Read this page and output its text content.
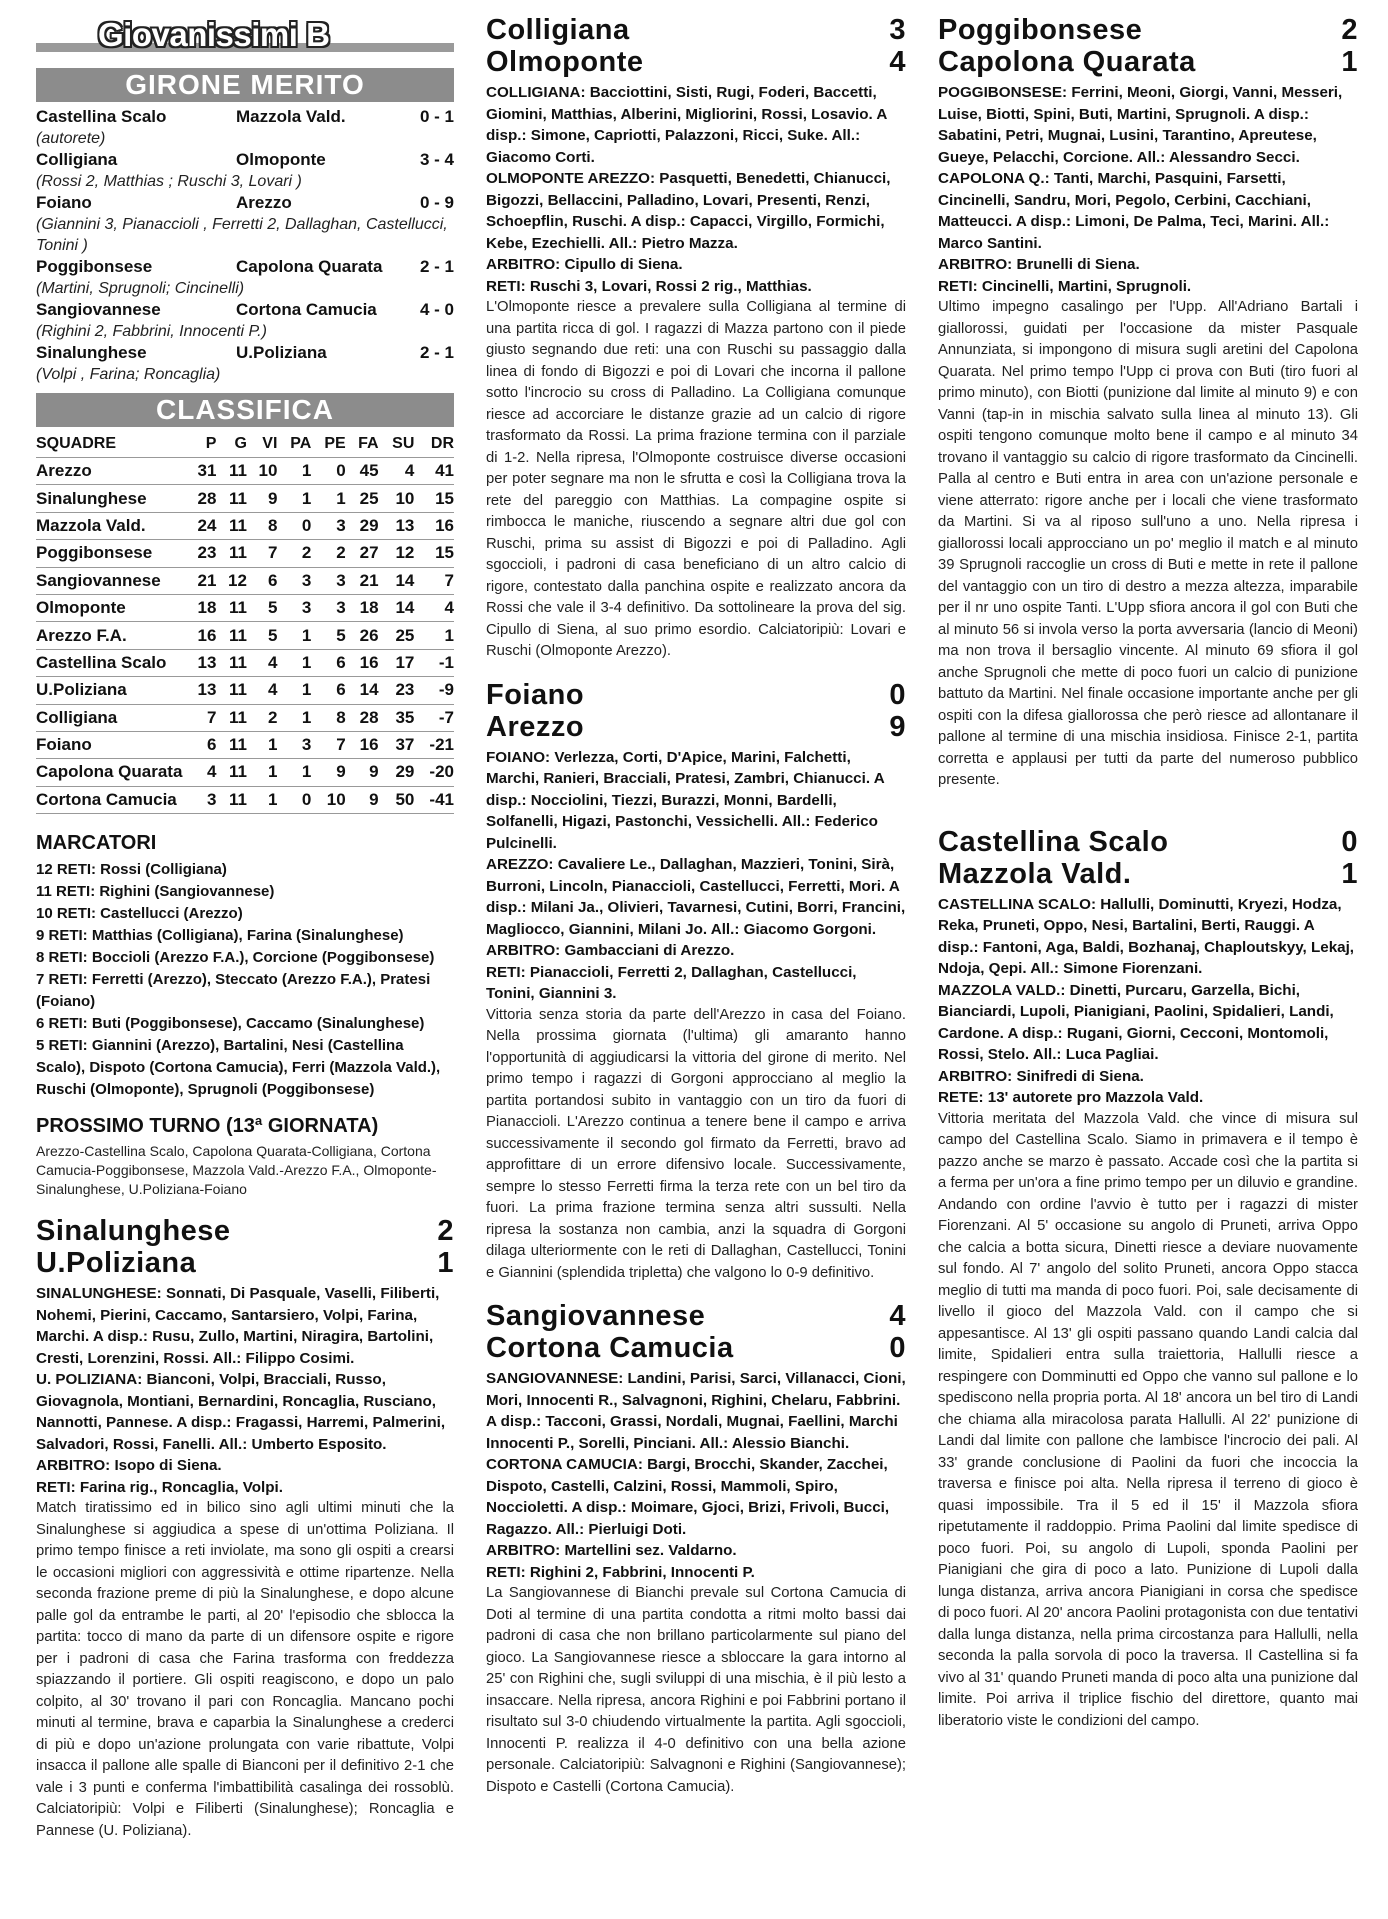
Giovanissimi B
GIRONE MERITO
Castellina Scalo	Mazzola Vald.	0 - 1
(autorete)
Colligiana	Olmoponte	3 - 4
(Rossi 2, Matthias ; Ruschi 3, Lovari )
Foiano	Arezzo	0 - 9
(Giannini 3, Pianaccioli , Ferretti 2, Dallaghan, Castellucci, Tonini )
Poggibonsese	Capolona Quarata	2 - 1
(Martini, Sprugnoli; Cincinelli)
Sangiovannese	Cortona Camucia	4 - 0
(Righini 2, Fabbrini, Innocenti P.)
Sinalunghese	U.Poliziana	2 - 1
(Volpi , Farina; Roncaglia)
CLASSIFICA
SQUADRE	P	G	VI	PA	PE	FA	SU	DR
Arezzo	31	11	10	1	0	45	4	41
Sinalunghese	28	11	9	1	1	25	10	15
Mazzola Vald.	24	11	8	0	3	29	13	16
Poggibonsese	23	11	7	2	2	27	12	15
Sangiovannese	21	12	6	3	3	21	14	7
Olmoponte	18	11	5	3	3	18	14	4
Arezzo F.A.	16	11	5	1	5	26	25	1
Castellina Scalo	13	11	4	1	6	16	17	-1
U.Poliziana	13	11	4	1	6	14	23	-9
Colligiana	7	11	2	1	8	28	35	-7
Foiano	6	11	1	3	7	16	37	-21
Capolona Quarata	4	11	1	1	9	9	29	-20
Cortona Camucia	3	11	1	0	10	9	50	-41
MARCATORI
12 RETI: Rossi (Colligiana)
11 RETI: Righini (Sangiovannese)
10 RETI: Castellucci (Arezzo)
9 RETI: Matthias (Colligiana), Farina (Sinalunghese)
8 RETI: Boccioli (Arezzo F.A.), Corcione (Poggibonsese)
7 RETI: Ferretti (Arezzo), Steccato (Arezzo F.A.), Pratesi (Foiano)
6 RETI: Buti (Poggibonsese), Caccamo (Sinalunghese)
5 RETI: Giannini (Arezzo), Bartalini, Nesi (Castellina Scalo), Dispoto (Cortona Camucia), Ferri (Mazzola Vald.), Ruschi (Olmoponte), Sprugnoli (Poggibonsese)
PROSSIMO TURNO (13ª GIORNATA)
Arezzo-Castellina Scalo, Capolona Quarata-Colligiana, Cortona Camucia-Poggibonsese, Mazzola Vald.-Arezzo F.A., Olmoponte-Sinalunghese, U.Poliziana-Foiano
Sinalunghese	2
U.Poliziana	1
SINALUNGHESE: Sonnati, Di Pasquale, Vaselli, Filiberti, Nohemi, Pierini, Caccamo, Santarsiero, Volpi, Farina, Marchi. A disp.: Rusu, Zullo, Martini, Niragira, Bartolini, Cresti, Lorenzini, Rossi. All.: Filippo Cosimi.
U. POLIZIANA: Bianconi, Volpi, Bracciali, Russo, Giovagnola, Montiani, Bernardini, Roncaglia, Rusciano, Nannotti, Pannese. A disp.: Fragassi, Harremi, Palmerini, Salvadori, Rossi, Fanelli. All.: Umberto Esposito.
ARBITRO: Isopo di Siena.
RETI: Farina rig., Roncaglia, Volpi.
Match tiratissimo ed in bilico sino agli ultimi minuti che la Sinalunghese si aggiudica a spese di un'ottima Poliziana. Il primo tempo finisce a reti inviolate, ma sono gli ospiti a crearsi le occasioni migliori con aggressività e ottime ripartenze. Nella seconda frazione preme di più la Sinalunghese, e dopo alcune palle gol da entrambe le parti, al 20' l'episodio che sblocca la partita: tocco di mano da parte di un difensore ospite e rigore per i padroni di casa che Farina trasforma con freddezza spiazzando il portiere. Gli ospiti reagiscono, e dopo un palo colpito, al 30' trovano il pari con Roncaglia. Mancano pochi minuti al termine, brava e caparbia la Sinalunghese a crederci di più e dopo un'azione prolungata con varie ribattute, Volpi insacca il pallone alle spalle di Bianconi per il definitivo 2-1 che vale i 3 punti e conferma l'imbattibilità casalinga dei rossoblù. Calciatoripiù: Volpi e Filiberti (Sinalunghese); Roncaglia e Pannese (U. Poliziana).
Colligiana	3
Olmoponte	4
COLLIGIANA: Bacciottini, Sisti, Rugi, Foderi, Baccetti, Giomini, Matthias, Alberini, Migliorini, Rossi, Losavio. A disp.: Simone, Capriotti, Palazzoni, Ricci, Suke. All.: Giacomo Corti.
OLMOPONTE AREZZO: Pasquetti, Benedetti, Chianucci, Bigozzi, Bellaccini, Palladino, Lovari, Presenti, Renzi, Schoepflin, Ruschi. A disp.: Capacci, Virgillo, Formichi, Kebe, Ezechielli. All.: Pietro Mazza.
ARBITRO: Cipullo di Siena.
RETI: Ruschi 3, Lovari, Rossi 2 rig., Matthias.
L'Olmoponte riesce a prevalere sulla Colligiana al termine di una partita ricca di gol. I ragazzi di Mazza partono con il piede giusto segnando due reti: una con Ruschi su passaggio dalla linea di fondo di Bigozzi e poi di Lovari che incorna il pallone sotto l'incrocio su cross di Palladino. La Colligiana comunque riesce ad accorciare le distanze grazie ad un calcio di rigore trasformato da Rossi. La prima frazione termina con il parziale di 1-2. Nella ripresa, l'Olmoponte costruisce diverse occasioni per poter segnare ma non le sfrutta e così la Colligiana trova la rete del pareggio con Matthias. La compagine ospite si rimbocca le maniche, riuscendo a segnare altri due gol con Ruschi, prima su assist di Bigozzi e poi di Palladino. Agli sgoccioli, i padroni di casa beneficiano di un altro calcio di rigore, contestato dalla panchina ospite e realizzato ancora da Rossi che vale il 3-4 definitivo. Da sottolineare la prova del sig. Cipullo di Siena, al suo primo esordio. Calciatoripiù: Lovari e Ruschi (Olmoponte Arezzo).
Foiano	0
Arezzo	9
FOIANO: Verlezza, Corti, D'Apice, Marini, Falchetti, Marchi, Ranieri, Bracciali, Pratesi, Zambri, Chianucci. A disp.: Nocciolini, Tiezzi, Burazzi, Monni, Bardelli, Solfanelli, Higazi, Pastonchi, Vessichelli. All.: Federico Pulcinelli.
AREZZO: Cavaliere Le., Dallaghan, Mazzieri, Tonini, Sirà, Burroni, Lincoln, Pianaccioli, Castellucci, Ferretti, Mori. A disp.: Milani Ja., Olivieri, Tavarnesi, Cutini, Borri, Francini, Magliocco, Giannini, Milani Jo. All.: Giacomo Gorgoni.
ARBITRO: Gambacciani di Arezzo.
RETI: Pianaccioli, Ferretti 2, Dallaghan, Castellucci, Tonini, Giannini 3.
Vittoria senza storia da parte dell'Arezzo in casa del Foiano. Nella prossima giornata (l'ultima) gli amaranto hanno l'opportunità di aggiudicarsi la vittoria del girone di merito. Nel primo tempo i ragazzi di Gorgoni approcciano al meglio la partita portandosi subito in vantaggio con un tiro da fuori di Pianaccioli. L'Arezzo continua a tenere bene il campo e arriva successivamente il secondo gol firmato da Ferretti, bravo ad approfittare di un errore difensivo locale. Successivamente, sempre lo stesso Ferretti firma la terza rete con un bel tiro da fuori. La prima frazione termina senza altri sussulti. Nella ripresa la sostanza non cambia, anzi la squadra di Gorgoni dilaga ulteriormente con le reti di Dallaghan, Castellucci, Tonini e Giannini (splendida tripletta) che valgono lo 0-9 definitivo.
Sangiovannese	4
Cortona Camucia	0
SANGIOVANNESE: Landini, Parisi, Sarci, Villanacci, Cioni, Mori, Innocenti R., Salvagnoni, Righini, Chelaru, Fabbrini. A disp.: Tacconi, Grassi, Nordali, Mugnai, Faellini, Marchi Innocenti P., Sorelli, Pinciani. All.: Alessio Bianchi.
CORTONA CAMUCIA: Bargi, Brocchi, Skander, Zacchei, Dispoto, Castelli, Calzini, Rossi, Mammoli, Spiro, Noccioletti. A disp.: Moimare, Gjoci, Brizi, Frivoli, Bucci, Ragazzo. All.: Pierluigi Doti.
ARBITRO: Martellini sez. Valdarno.
RETI: Righini 2, Fabbrini, Innocenti P.
La Sangiovannese di Bianchi prevale sul Cortona Camucia di Doti al termine di una partita condotta a ritmi molto bassi dai padroni di casa che non brillano particolarmente sul piano del gioco. La Sangiovannese riesce a sbloccare la gara intorno al 25' con Righini che, sugli sviluppi di una mischia, è il più lesto a insaccare. Nella ripresa, ancora Righini e poi Fabbrini portano il risultato sul 3-0 chiudendo virtualmente la partita. Agli sgoccioli, Innocenti P. realizza il 4-0 definitivo con una bella azione personale. Calciatoripiù: Salvagnoni e Righini (Sangiovannese); Dispoto e Castelli (Cortona Camucia).
Poggibonsese	2
Capolona Quarata	1
POGGIBONSESE: Ferrini, Meoni, Giorgi, Vanni, Messeri, Luise, Biotti, Spini, Buti, Martini, Sprugnoli. A disp.: Sabatini, Petri, Mugnai, Lusini, Tarantino, Apreutese, Gueye, Pelacchi, Corcione. All.: Alessandro Secci.
CAPOLONA Q.: Tanti, Marchi, Pasquini, Farsetti, Cincinelli, Sandru, Mori, Pegolo, Cerbini, Cacchiani, Matteucci. A disp.: Limoni, De Palma, Teci, Marini. All.: Marco Santini.
ARBITRO: Brunelli di Siena.
RETI: Cincinelli, Martini, Sprugnoli.
Ultimo impegno casalingo per l'Upp. All'Adriano Bartali i giallorossi, guidati per l'occasione da mister Pasquale Annunziata, si impongono di misura sugli aretini del Capolona Quarata. Nel primo tempo l'Upp ci prova con Buti (tiro fuori al primo minuto), con Biotti (punizione dal limite al minuto 9) e con Vanni (tap-in in mischia salvato sulla linea al minuto 13). Gli ospiti tengono comunque molto bene il campo e al minuto 34 trovano il vantaggio su calcio di rigore trasformato da Cincinelli. Palla al centro e Buti entra in area con un'azione personale e viene atterrato: rigore anche per i locali che viene trasformato da Martini. Si va al riposo sull'uno a uno. Nella ripresa i giallorossi locali approcciano un po' meglio il match e al minuto 39 Sprugnoli raccoglie un cross di Buti e mette in rete il pallone del vantaggio con un tiro di destro a mezza altezza, imparabile per il nr uno ospite Tanti. L'Upp sfiora ancora il gol con Buti che al minuto 56 si invola verso la porta avversaria (lancio di Meoni) ma non trova il bersaglio vincente. Al minuto 69 sfiora il gol anche Sprugnoli che mette di poco fuori un calcio di punizione battuto da Martini. Nel finale occasione importante anche per gli ospiti con la difesa giallorossa che però riesce ad allontanare il pallone al termine di una mischia insidiosa. Finisce 2-1, partita corretta e applausi per tutti da parte del numeroso pubblico presente.
Castellina Scalo	0
Mazzola Vald.	1
CASTELLINA SCALO: Hallulli, Dominutti, Kryezi, Hodza, Reka, Pruneti, Oppo, Nesi, Bartalini, Berti, Rauggi. A disp.: Fantoni, Aga, Baldi, Bozhanaj, Chaploutskyy, Lekaj, Ndoja, Qepi. All.: Simone Fiorenzani.
MAZZOLA VALD.: Dinetti, Purcaru, Garzella, Bichi, Bianciardi, Lupoli, Pianigiani, Paolini, Spidalieri, Landi, Cardone. A disp.: Rugani, Giorni, Cecconi, Montomoli, Rossi, Stelo. All.: Luca Pagliai.
ARBITRO: Sinifredi di Siena.
RETE: 13' autorete pro Mazzola Vald.
Vittoria meritata del Mazzola Vald. che vince di misura sul campo del Castellina Scalo. Siamo in primavera e il tempo è pazzo anche se marzo è passato. Accade così che la partita si a ferma per un'ora a fine primo tempo per un diluvio e grandine. Andando con ordine l'avvio è tutto per i ragazzi di mister Fiorenzani. Al 5' occasione su angolo di Pruneti, arriva Oppo che calcia a botta sicura, Dinetti riesce a deviare nuovamente sul fondo. Al 7' angolo del solito Pruneti, ancora Oppo stacca meglio di tutti ma manda di poco fuori. Poi, sale decisamente di livello il gioco del Mazzola Vald. con il campo che si appesantisce. Al 13' gli ospiti passano quando Landi calcia dal limite, Spidalieri entra sulla traiettoria, Hallulli riesce a respingere con Domminutti ed Oppo che vanno sul pallone e lo spediscono nella propria porta. Al 18' ancora un bel tiro di Landi che chiama alla miracolosa parata Hallulli. Al 22' punizione di Landi dal limite con pallone che lambisce l'incrocio dei pali. Al 33' grande conclusione di Paolini da fuori che incoccia la traversa e finisce poi alta. Nella ripresa il terreno di gioco è quasi impossibile. Tra il 5 ed il 15' il Mazzola sfiora ripetutamente il raddoppio. Prima Paolini dal limite spedisce di poco fuori. Poi, su angolo di Lupoli, sponda Paolini per Pianigiani che gira di poco a lato. Punizione di Lupoli dalla lunga distanza, arriva ancora Pianigiani in corsa che spedisce di poco fuori. Al 20' ancora Paolini protagonista con due tentativi dalla lunga distanza, nella prima circostanza para Hallulli, nella seconda la palla sorvola di poco la traversa. Il Castellina si fa vivo al 31' quando Pruneti manda di poco alta una punizione dal limite. Poi arriva il triplice fischio del direttore, quanto mai liberatorio viste le condizioni del campo.
